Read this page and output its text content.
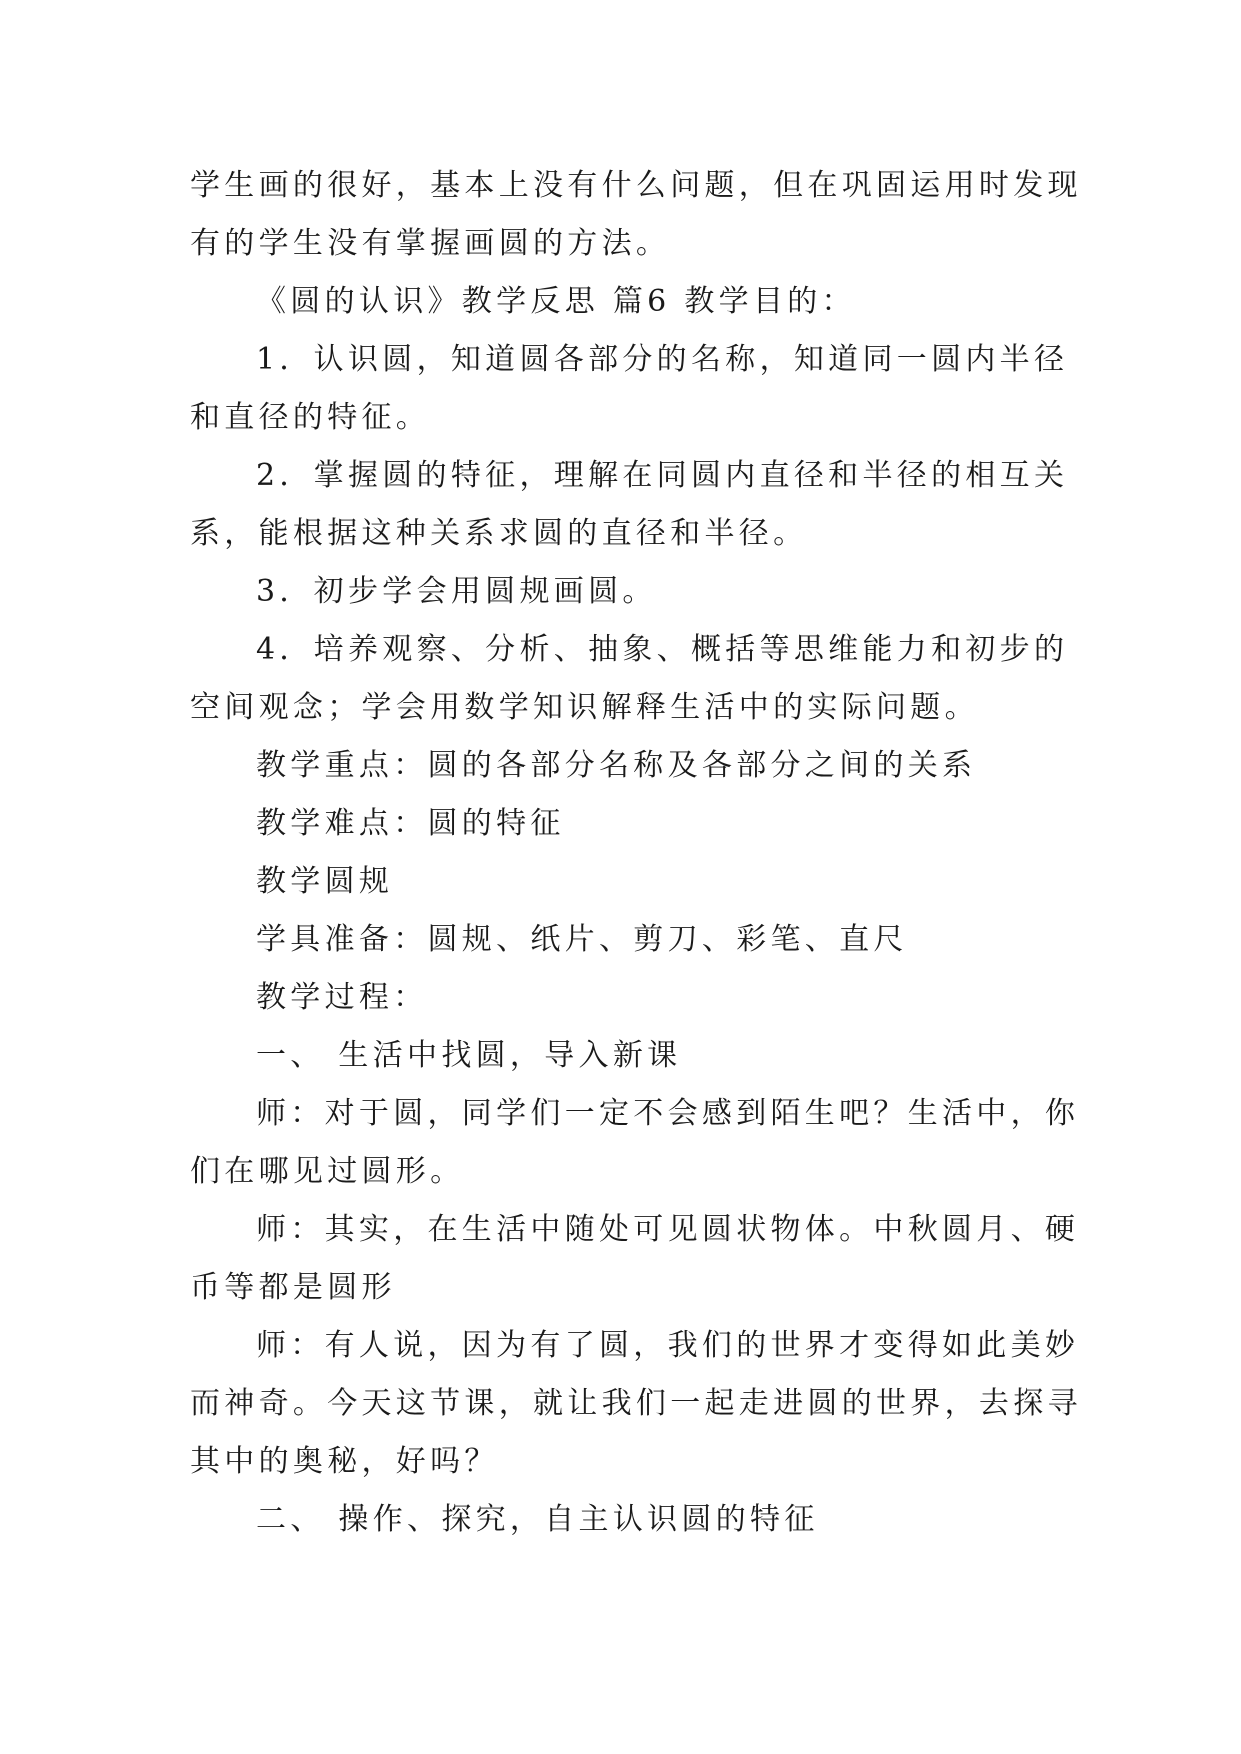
学生画的很好，基本上没有什么问题，但在巩固运用时发现
有的学生没有掌握画圆的方法。
《圆的认识》教学反思 篇6 教学目的：
1．认识圆，知道圆各部分的名称，知道同一圆内半径
和直径的特征。
2．掌握圆的特征，理解在同圆内直径和半径的相互关
系，能根据这种关系求圆的直径和半径。
3．初步学会用圆规画圆。
4．培养观察、分析、抽象、概括等思维能力和初步的
空间观念；学会用数学知识解释生活中的实际问题。
教学重点：圆的各部分名称及各部分之间的关系
教学难点：圆的特征
教学圆规
学具准备：圆规、纸片、剪刀、彩笔、直尺
教学过程：
一、 生活中找圆，导入新课
师：对于圆，同学们一定不会感到陌生吧？生活中，你
们在哪见过圆形。
师：其实，在生活中随处可见圆状物体。中秋圆月、硬
币等都是圆形
师：有人说，因为有了圆，我们的世界才变得如此美妙
而神奇。今天这节课，就让我们一起走进圆的世界，去探寻
其中的奥秘，好吗？
二、 操作、探究，自主认识圆的特征
